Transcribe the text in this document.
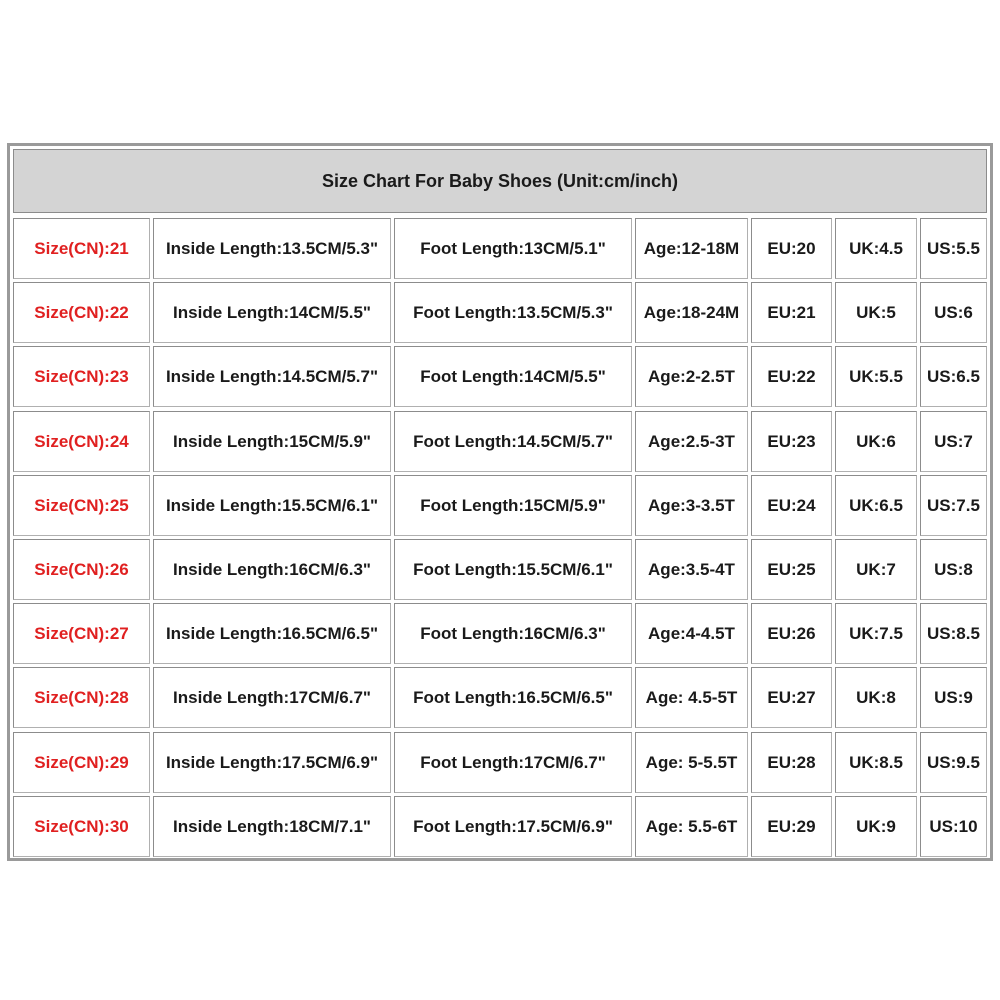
Size Chart For Baby Shoes (Unit:cm/inch)
Size(CN):21	Inside Length:13.5CM/5.3"	Foot Length:13CM/5.1"	Age:12-18M	EU:20	UK:4.5	US:5.5
Size(CN):22	Inside Length:14CM/5.5"	Foot Length:13.5CM/5.3"	Age:18-24M	EU:21	UK:5	US:6
Size(CN):23	Inside Length:14.5CM/5.7"	Foot Length:14CM/5.5"	Age:2-2.5T	EU:22	UK:5.5	US:6.5
Size(CN):24	Inside Length:15CM/5.9"	Foot Length:14.5CM/5.7"	Age:2.5-3T	EU:23	UK:6	US:7
Size(CN):25	Inside Length:15.5CM/6.1"	Foot Length:15CM/5.9"	Age:3-3.5T	EU:24	UK:6.5	US:7.5
Size(CN):26	Inside Length:16CM/6.3"	Foot Length:15.5CM/6.1"	Age:3.5-4T	EU:25	UK:7	US:8
Size(CN):27	Inside Length:16.5CM/6.5"	Foot Length:16CM/6.3"	Age:4-4.5T	EU:26	UK:7.5	US:8.5
Size(CN):28	Inside Length:17CM/6.7"	Foot Length:16.5CM/6.5"	Age: 4.5-5T	EU:27	UK:8	US:9
Size(CN):29	Inside Length:17.5CM/6.9"	Foot Length:17CM/6.7"	Age: 5-5.5T	EU:28	UK:8.5	US:9.5
Size(CN):30	Inside Length:18CM/7.1"	Foot Length:17.5CM/6.9"	Age: 5.5-6T	EU:29	UK:9	US:10
